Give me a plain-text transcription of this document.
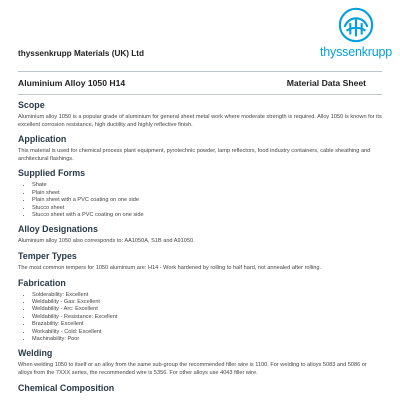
thyssenkrupp
thyssenkrupp Materials (UK) Ltd
Aluminium Alloy 1050 H14	Material Data Sheet
Scope

Aluminium alloy 1050 is a popular grade of aluminium for general sheet metal work where moderate strength is required. Alloy 1050 is known for its excellent corrosion resistance, high ductility and highly reflective finish.

Application

This material is used for chemical process plant equipment, pyrotechnic powder, lamp reflectors, food industry containers, cable sheathing and architectural flashings.

Supplied Forms
• Shate
• Plain sheet
• Plain sheet with a PVC coating on one side
• Stucco sheet
• Stucco sheet with a PVC coating on one side
Alloy Designations

Aluminium alloy 1050 also corresponds to: AA1050A, S1B and A91050.

Temper Types

The most common tempers for 1050 aluminium are: H14 - Work hardened by rolling to half hard, not annealed after rolling.

Fabrication
• Solderability: Excellent
• Weldability - Gas: Excellent
• Weldability - Arc: Excellent
• Weldability - Resistance: Excellent
• Brazability: Excellent
• Workability - Cold: Excellent
• Machinability: Poor
Welding

When welding 1050 to itself or an alloy from the same sub-group the recommended filler wire is 1100. For welding to alloys 5083 and 5086 or alloys from the 7XXX series, the recommended wire is 5356. For other alloys use 4043 filler wire.

Chemical Composition
